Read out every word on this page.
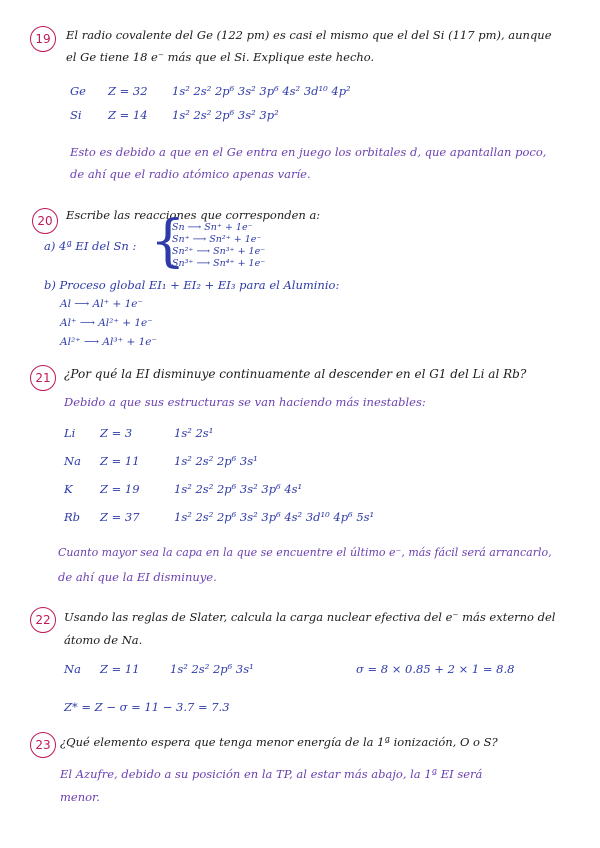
19	El radio covalente del Ge (122 pm) es casi el mismo que el del Si (117 pm), aunque
el Ge tiene 18 e⁻ más que el Si. Explique este hecho.
Ge Z = 32 1s² 2s² 2p⁶ 3s² 3p⁶ 4s² 3d¹⁰ 4p²
Si Z = 14 1s² 2s² 2p⁶ 3s² 3p²
Esto es debido a que en el Ge entra en juego los orbitales d, que apantallan poco,
de ahí que el radio atómico apenas varíe.
20	Escribe las reacciones que corresponden a:
a) 4ª EI del Sn : {
Sn ⟶ Sn⁺ + 1e⁻
Sn⁺ ⟶ Sn²⁺ + 1e⁻
Sn²⁺ ⟶ Sn³⁺ + 1e⁻
Sn³⁺ ⟶ Sn⁴⁺ + 1e⁻
b) Proceso global EI₁ + EI₂ + EI₃ para el Aluminio:
Al ⟶ Al⁺ + 1e⁻
Al⁺ ⟶ Al²⁺ + 1e⁻
Al²⁺ ⟶ Al³⁺ + 1e⁻
21	¿Por qué la EI disminuye continuamente al descender en el G1 del Li al Rb?
Debido a que sus estructuras se van haciendo más inestables:
Li Z = 3	1s² 2s¹
Na Z = 11	1s² 2s² 2p⁶ 3s¹
K Z = 19	1s² 2s² 2p⁶ 3s² 3p⁶ 4s¹
Rb Z = 37	1s² 2s² 2p⁶ 3s² 3p⁶ 4s² 3d¹⁰ 4p⁶ 5s¹
Cuanto mayor sea la capa en la que se encuentre el último e⁻, más fácil será arrancarlo,
de ahí que la EI disminuye.
22	Usando las reglas de Slater, calcula la carga nuclear efectiva del e⁻ más externo del
átomo de Na.
Na Z = 11	1s² 2s² 2p⁶ 3s¹	σ = 8 × 0.85 + 2 × 1 = 8.8
Z* = Z − σ = 11 − 3.7 = 7.3
23 ¿Qué elemento espera que tenga menor energía de la 1ª ionización, O o S?
El Azufre, debido a su posición en la TP, al estar más abajo, la 1ª EI será
menor.
